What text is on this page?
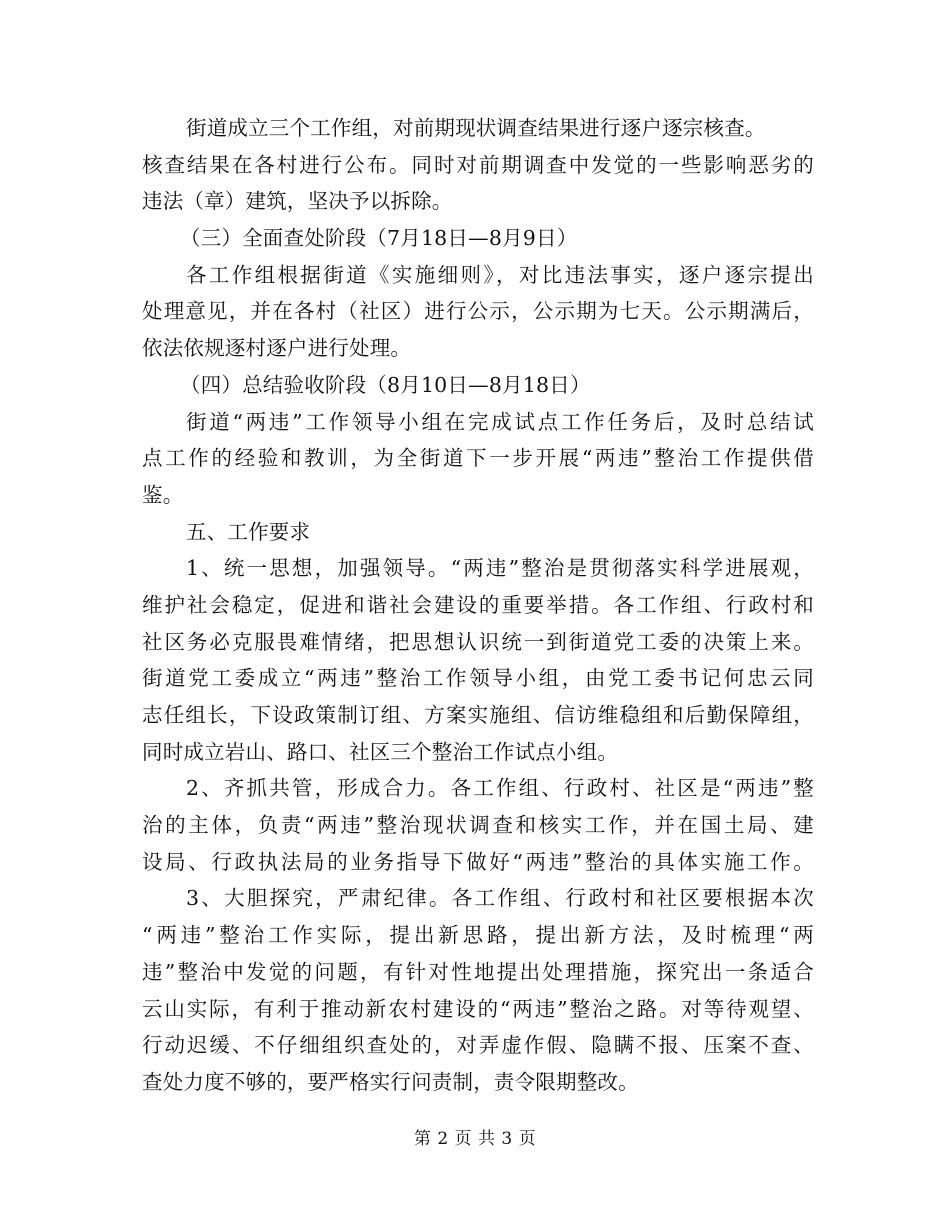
街道成立三个工作组，对前期现状调查结果进行逐户逐宗核查。
核查结果在各村进行公布。同时对前期调查中发觉的一些影响恶劣的
违法（章）建筑，坚决予以拆除。
（三）全面查处阶段（7月18日—8月9日）
各工作组根据街道《实施细则》，对比违法事实，逐户逐宗提出
处理意见，并在各村（社区）进行公示，公示期为七天。公示期满后，
依法依规逐村逐户进行处理。
（四）总结验收阶段（8月10日—8月18日）
街道“两违”工作领导小组在完成试点工作任务后，及时总结试
点工作的经验和教训，为全街道下一步开展“两违”整治工作提供借
鉴。
五、工作要求
1、统一思想，加强领导。“两违”整治是贯彻落实科学进展观，
维护社会稳定，促进和谐社会建设的重要举措。各工作组、行政村和
社区务必克服畏难情绪，把思想认识统一到街道党工委的决策上来。
街道党工委成立“两违”整治工作领导小组，由党工委书记何忠云同
志任组长，下设政策制订组、方案实施组、信访维稳组和后勤保障组，
同时成立岩山、路口、社区三个整治工作试点小组。
2、齐抓共管，形成合力。各工作组、行政村、社区是“两违”整
治的主体，负责“两违”整治现状调查和核实工作，并在国土局、建
设局、行政执法局的业务指导下做好“两违”整治的具体实施工作。
3、大胆探究，严肃纪律。各工作组、行政村和社区要根据本次
“两违”整治工作实际，提出新思路，提出新方法，及时梳理“两
违”整治中发觉的问题，有针对性地提出处理措施，探究出一条适合
云山实际，有利于推动新农村建设的“两违”整治之路。对等待观望、
行动迟缓、不仔细组织查处的，对弄虚作假、隐瞒不报、压案不查、
查处力度不够的，要严格实行问责制，责令限期整改。
第 2 页 共 3 页
